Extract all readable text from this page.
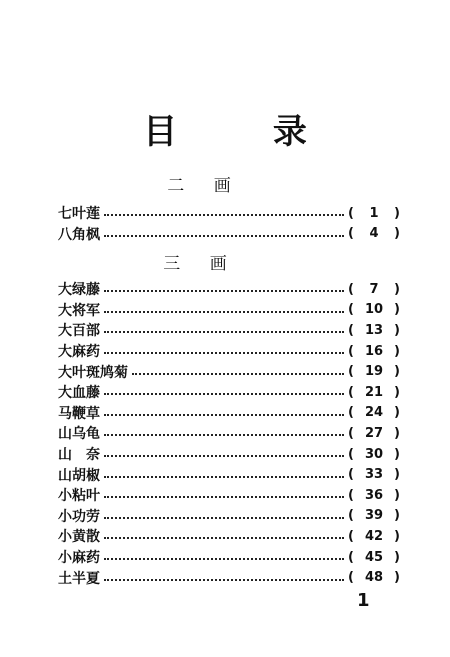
目 录
二 画
七叶莲	( 1 )
八角枫	( 4 )
三 画
大绿藤	( 7 )
大将军	( 10 )
大百部	( 13 )
大麻药	( 16 )
大叶斑鸠菊	( 19 )
大血藤	( 21 )
马鞭草	( 24 )
山乌龟	( 27 )
山　奈	( 30 )
山胡椒	( 33 )
小粘叶	( 36 )
小功劳	( 39 )
小黄散	( 42 )
小麻药	( 45 )
土半夏	( 48 )
1
